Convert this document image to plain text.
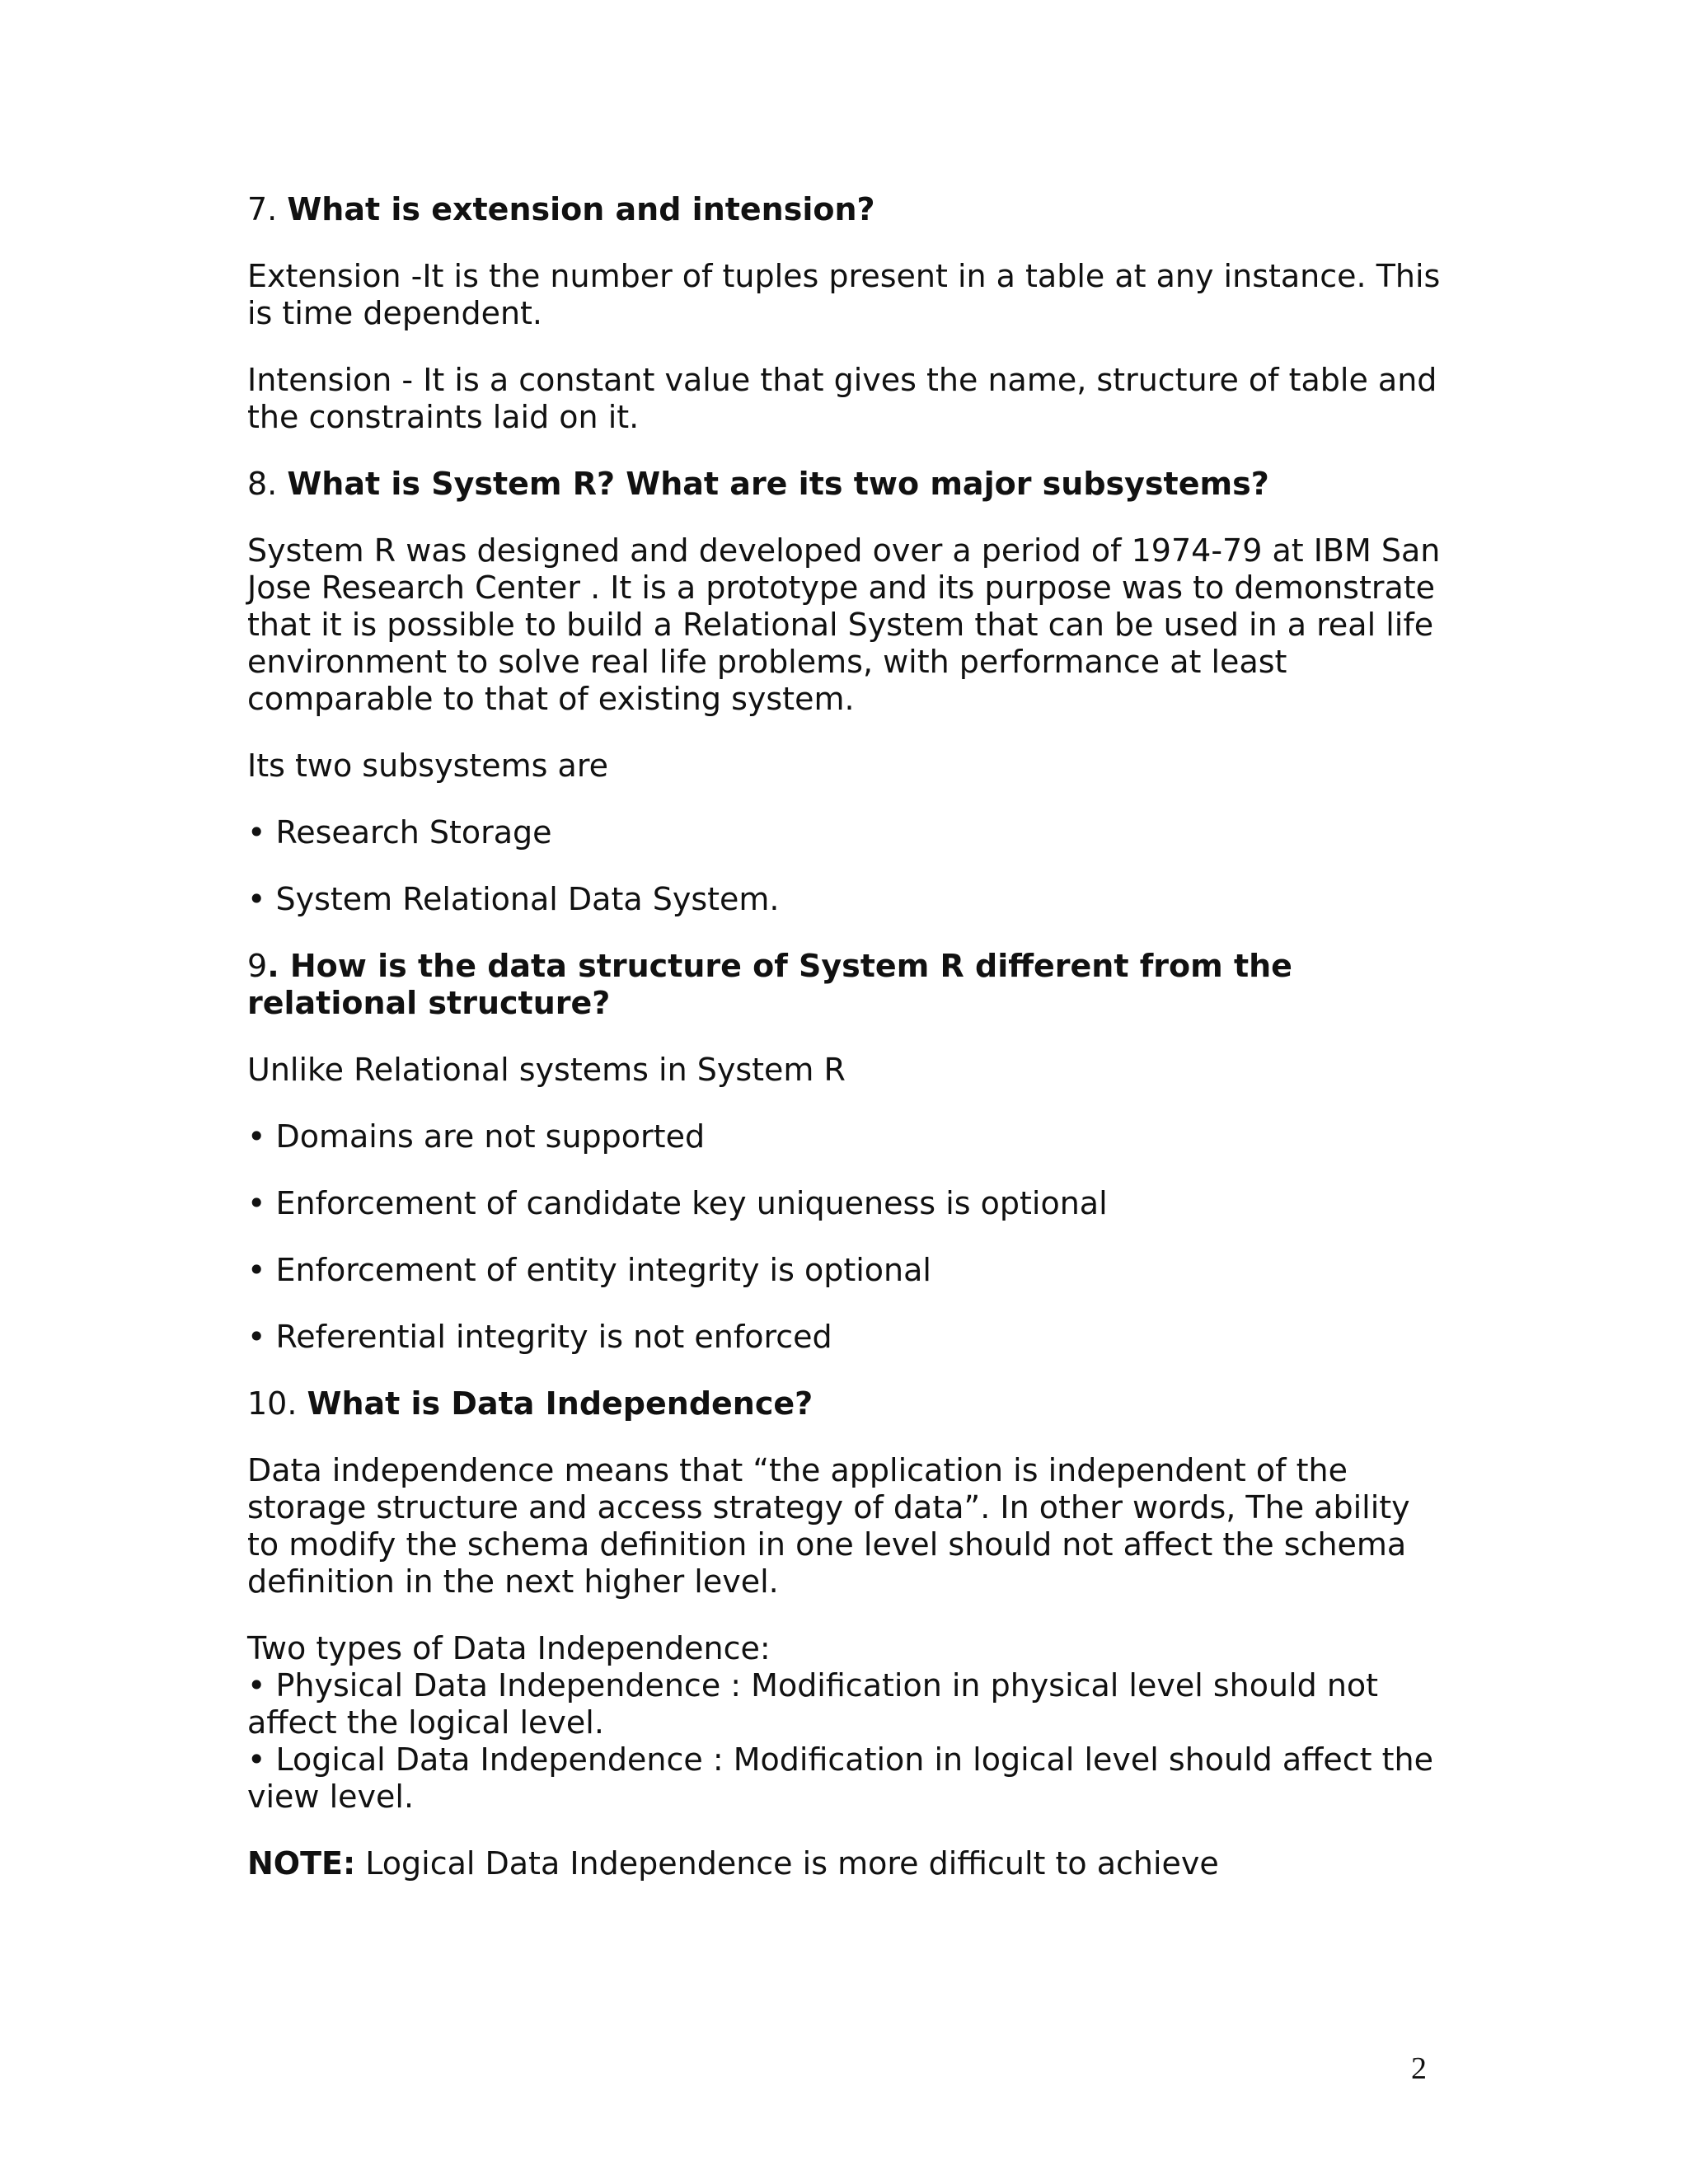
7. What is extension and intension?
Extension -It is the number of tuples present in a table at any instance. This is time dependent.
Intension - It is a constant value that gives the name, structure of table and the constraints laid on it.
8. What is System R? What are its two major subsystems?
System R was designed and developed over a period of 1974-79 at IBM San Jose Research Center . It is a prototype and its purpose was to demonstrate that it is possible to build a Relational System that can be used in a real life environment to solve real life problems, with performance at least comparable to that of existing system.
Its two subsystems are
• Research Storage
• System Relational Data System.
9. How is the data structure of System R different from the relational structure?
Unlike Relational systems in System R
• Domains are not supported
• Enforcement of candidate key uniqueness is optional
• Enforcement of entity integrity is optional
• Referential integrity is not enforced
10. What is Data Independence?
Data independence means that “the application is independent of the storage structure and access strategy of data”. In other words, The ability to modify the schema definition in one level should not affect the schema definition in the next higher level.
Two types of Data Independence:
• Physical Data Independence : Modification in physical level should not affect the logical level.
• Logical Data Independence : Modification in logical level should affect the view level.
NOTE: Logical Data Independence is more difficult to achieve
2
